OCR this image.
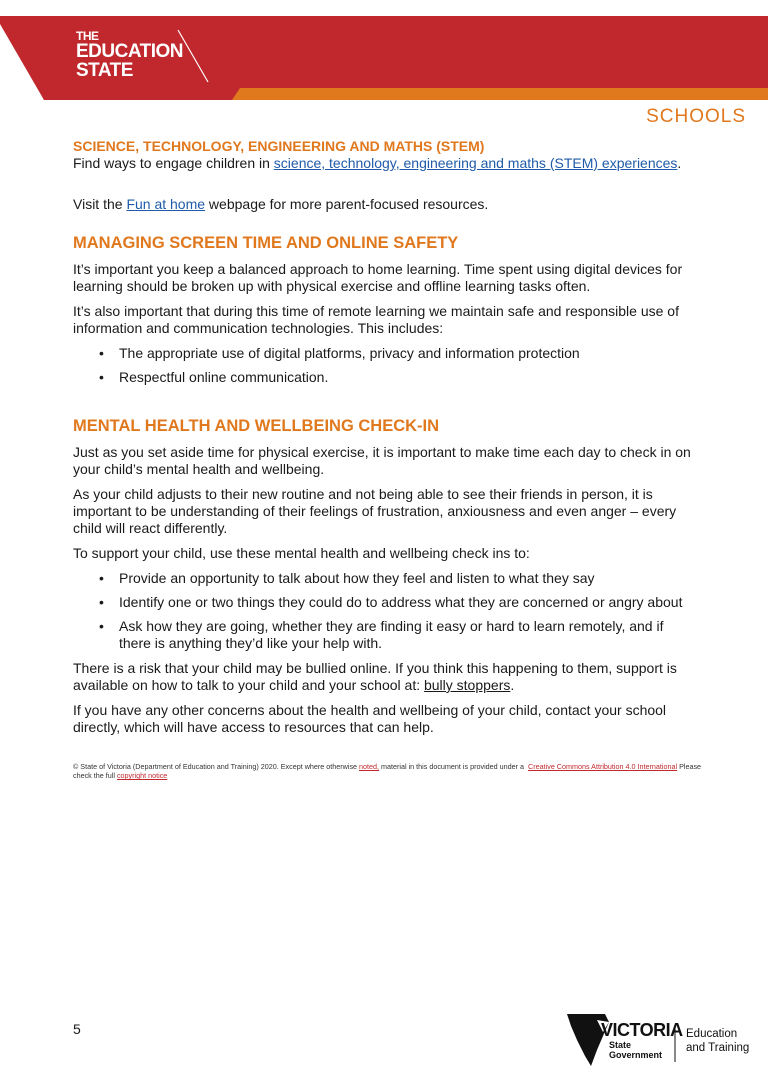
THE
EDUCATION
STATE
SCHOOLS
SCIENCE, TECHNOLOGY, ENGINEERING AND MATHS (STEM)

Find ways to engage children in science, technology, engineering and maths (STEM) experiences.

Visit the Fun at home webpage for more parent-focused resources.

MANAGING SCREEN TIME AND ONLINE SAFETY

It’s important you keep a balanced approach to home learning. Time spent using digital devices for learning should be broken up with physical exercise and offline learning tasks often.

It’s also important that during this time of remote learning we maintain safe and responsible use of information and communication technologies. This includes:

• The appropriate use of digital platforms, privacy and information protection
• Respectful online communication.
MENTAL HEALTH AND WELLBEING CHECK-IN

Just as you set aside time for physical exercise, it is important to make time each day to check in on your child’s mental health and wellbeing.

As your child adjusts to their new routine and not being able to see their friends in person, it is important to be understanding of their feelings of frustration, anxiousness and even anger – every child will react differently.

To support your child, use these mental health and wellbeing check ins to:

• Provide an opportunity to talk about how they feel and listen to what they say
• Identify one or two things they could do to address what they are concerned or angry about
• Ask how they are going, whether they are finding it easy or hard to learn remotely, and if there is anything they’d like your help with.

There is a risk that your child may be bullied online. If you think this happening to them, support is available on how to talk to your child and your school at: bully stoppers.

If you have any other concerns about the health and wellbeing of your child, contact your school directly, which will have access to resources that can help.

© State of Victoria (Department of Education and Training) 2020. Except where otherwise noted, material in this document is provided under a  Creative Commons Attribution 4.0 International Please check the full copyright notice
5	VICTORIA
State
Government
Education
and Training
